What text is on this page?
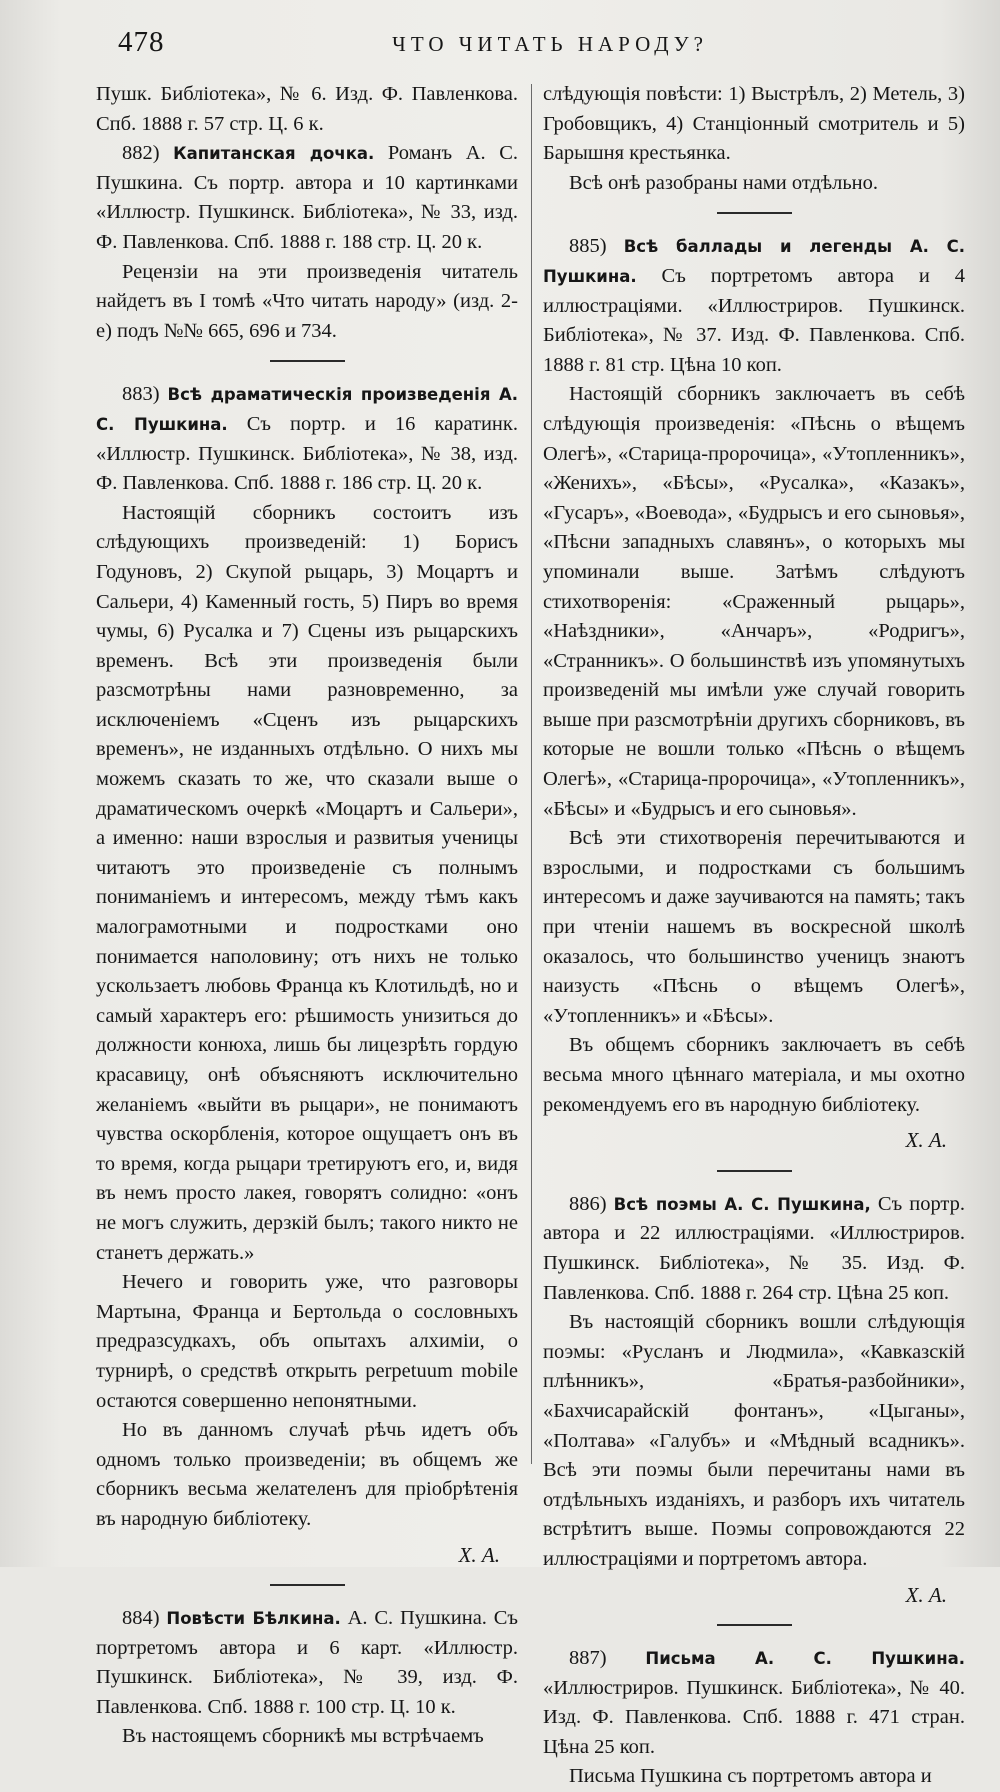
478	ЧТО ЧИТАТЬ НАРОДУ?

Пушк. Библіотека», № 6. Изд. Ф. Павленкова. Спб. 1888 г. 57 стр. Ц. 6 к.

882) Капитанская дочка. Романъ А. С. Пушкина. Съ портр. автора и 10 картинками «Иллюстр. Пушкинск. Библіотека», № 33, изд. Ф. Павленкова. Спб. 1888 г. 188 стр. Ц. 20 к.

Рецензіи на эти произведенія читатель найдетъ въ I томѣ «Что читать народу» (изд. 2-е) подъ №№ 665, 696 и 734.

883) Всѣ драматическія произведенія А. С. Пушкина. Съ портр. и 16 каратинк. «Иллюстр. Пушкинск. Библіотека», № 38, изд. Ф. Павленкова. Спб. 1888 г. 186 стр. Ц. 20 к.

Настоящій сборникъ состоитъ изъ слѣдующихъ произведеній: 1) Борисъ Годуновъ, 2) Скупой рыцарь, 3) Моцартъ и Сальери, 4) Каменный гость, 5) Пиръ во время чумы, 6) Русалка и 7) Сцены изъ рыцарскихъ временъ. Всѣ эти произведенія были разсмотрѣны нами разновременно, за исключеніемъ «Сценъ изъ рыцарскихъ временъ», не изданныхъ отдѣльно. О нихъ мы можемъ сказать то же, что сказали выше о драматическомъ очеркѣ «Моцартъ и Сальери», а именно: наши взрослыя и развитыя ученицы читаютъ это произведеніе съ полнымъ пониманіемъ и интересомъ, между тѣмъ какъ малограмотными и подростками оно понимается наполовину; отъ нихъ не только ускользаетъ любовь Франца къ Клотильдѣ, но и самый характеръ его: рѣшимость унизиться до должности конюха, лишь бы лицезрѣть гордую красавицу, онѣ объясняютъ исключительно желаніемъ «выйти въ рыцари», не понимаютъ чувства оскорбленія, которое ощущаетъ онъ въ то время, когда рыцари третируютъ его, и, видя въ немъ просто лакея, говорятъ солидно: «онъ не могъ служить, дерзкій былъ; такого никто не станетъ держать.»

Нечего и говорить уже, что разговоры Мартына, Франца и Бертольда о сословныхъ предразсудкахъ, объ опытахъ алхиміи, о турнирѣ, о средствѣ открыть perpetuum mobile остаются совершенно непонятными.

Но въ данномъ случаѣ рѣчь идетъ объ одномъ только произведеніи; въ общемъ же сборникъ весьма желателенъ для пріобрѣтенія въ народную библіотеку.

Х. А.

884) Повѣсти Бѣлкина. А. С. Пушкина. Съ портретомъ автора и 6 карт. «Иллюстр. Пушкинск. Библіотека», № 39, изд. Ф. Павленкова. Спб. 1888 г. 100 стр. Ц. 10 к.

Въ настоящемъ сборникѣ мы встрѣчаемъ

слѣдующія повѣсти: 1) Выстрѣлъ, 2) Метель, 3) Гробовщикъ, 4) Станціонный смотритель и 5) Барышня крестьянка.

Всѣ онѣ разобраны нами отдѣльно.

885) Всѣ баллады и легенды А. С. Пушкина. Съ портретомъ автора и 4 иллюстраціями. «Иллюстриров. Пушкинск. Библіотека», № 37. Изд. Ф. Павленкова. Спб. 1888 г. 81 стр. Цѣна 10 коп.

Настоящій сборникъ заключаетъ въ себѣ слѣдующія произведенія: «Пѣснь о вѣщемъ Олегѣ», «Старица-пророчица», «Утопленникъ», «Женихъ», «Бѣсы», «Русалка», «Казакъ», «Гусаръ», «Воевода», «Будрысъ и его сыновья», «Пѣсни западныхъ славянъ», о которыхъ мы упоминали выше. Затѣмъ слѣдуютъ стихотворенія: «Сраженный рыцарь», «Наѣздники», «Анчаръ», «Родригъ», «Странникъ». О большинствѣ изъ упомянутыхъ произведеній мы имѣли уже случай говорить выше при разсмотрѣніи другихъ сборниковъ, въ которые не вошли только «Пѣснь о вѣщемъ Олегѣ», «Старица-пророчица», «Утопленникъ», «Бѣсы» и «Будрысъ и его сыновья».

Всѣ эти стихотворенія перечитываются и взрослыми, и подростками съ большимъ интересомъ и даже заучиваются на память; такъ при чтеніи нашемъ въ воскресной школѣ оказалось, что большинство ученицъ знаютъ наизусть «Пѣснь о вѣщемъ Олегѣ», «Утопленникъ» и «Бѣсы».

Въ общемъ сборникъ заключаетъ въ себѣ весьма много цѣннаго матеріала, и мы охотно рекомендуемъ его въ народную библіотеку.

Х. А.

886) Всѣ поэмы А. С. Пушкина, Съ портр. автора и 22 иллюстраціями. «Иллюстриров. Пушкинск. Библіотека», № 35. Изд. Ф. Павленкова. Спб. 1888 г. 264 стр. Цѣна 25 коп.

Въ настоящій сборникъ вошли слѣдующія поэмы: «Русланъ и Людмила», «Кавказскій плѣнникъ», «Братья-разбойники», «Бахчисарайскій фонтанъ», «Цыганы», «Полтава» «Галубъ» и «Мѣдный всадникъ». Всѣ эти поэмы были перечитаны нами въ отдѣльныхъ изданіяхъ, и разборъ ихъ читатель встрѣтитъ выше. Поэмы сопровождаются 22 иллюстраціями и портретомъ автора.

Х. А.

887) Письма А. С. Пушкина. «Иллюстриров. Пушкинск. Библіотека», № 40. Изд. Ф. Павленкова. Спб. 1888 г. 471 стран. Цѣна 25 коп.

Письма Пушкина съ портретомъ автора и
